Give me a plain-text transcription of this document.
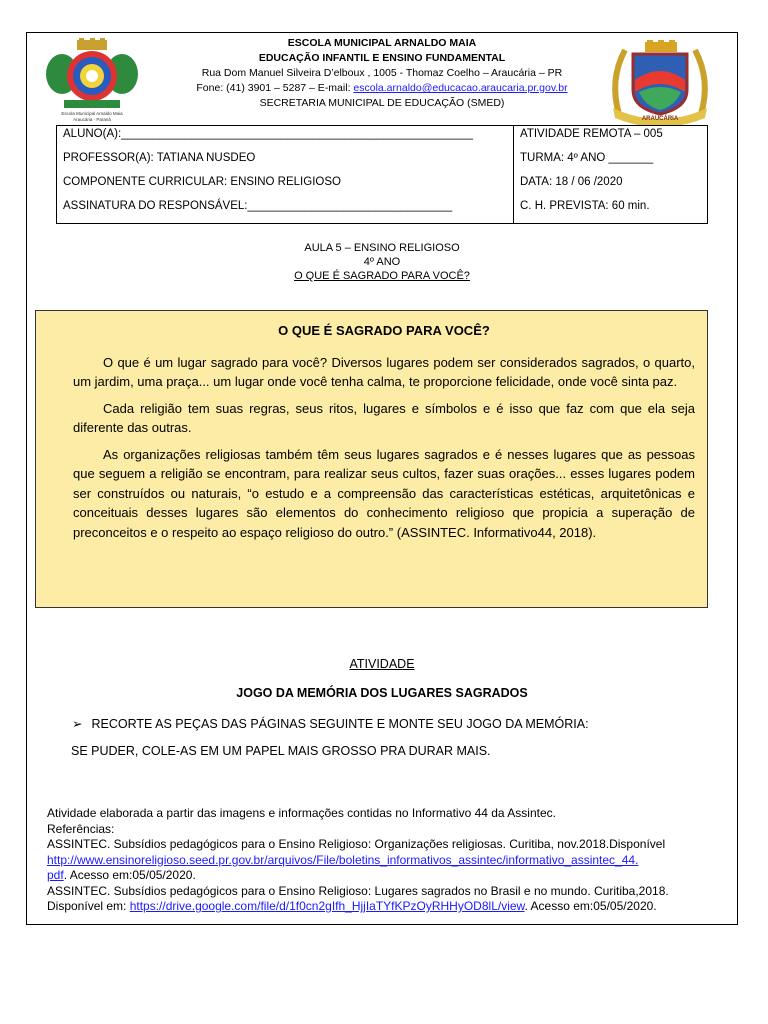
Escola Municipal Arnaldo Maia
Araucária - Paraná	ARAUCÁRIA
ESCOLA MUNICIPAL ARNALDO MAIA
EDUCAÇÃO INFANTIL E ENSINO FUNDAMENTAL
Rua Dom Manuel Silveira D’elboux , 1005 - Thomaz Coelho – Araucária – PR
Fone: (41) 3901 – 5287 – E-mail: escola.arnaldo@educacao.araucaria.pr.gov.br
SECRETARIA MUNICIPAL DE EDUCAÇÃO (SMED)
ALUNO(A):_______________________________________________________
PROFESSOR(A): TATIANA NUSDEO
COMPONENTE CURRICULAR: ENSINO RELIGIOSO
ASSINATURA DO RESPONSÁVEL:________________________________
ATIVIDADE REMOTA – 005
TURMA: 4º ANO _______
DATA: 18 / 06 /2020
C. H. PREVISTA: 60 min.
AULA 5 – ENSINO RELIGIOSO
4º ANO
O QUE É SAGRADO PARA VOCÊ?
O QUE É SAGRADO PARA VOCÊ?

O que é um lugar sagrado para você? Diversos lugares podem ser considerados sagrados, o quarto, um jardim, uma praça... um lugar onde você tenha calma, te proporcione felicidade, onde você sinta paz.

Cada religião tem suas regras, seus ritos, lugares e símbolos e é isso que faz com que ela seja diferente das outras.

As organizações religiosas também têm seus lugares sagrados e é nesses lugares que as pessoas que seguem a religião se encontram, para realizar seus cultos, fazer suas orações... esses lugares podem ser construídos ou naturais, “o estudo e a compreensão das características estéticas, arquitetônicas e conceituais desses lugares são elementos do conhecimento religioso que propicia a superação de preconceitos e o respeito ao espaço religioso do outro.” (ASSINTEC. Informativo44, 2018).

ATIVIDADE
JOGO DA MEMÓRIA DOS LUGARES SAGRADOS
➢ RECORTE AS PEÇAS DAS PÁGINAS SEGUINTE E MONTE SEU JOGO DA MEMÓRIA:
SE PUDER, COLE-AS EM UM PAPEL MAIS GROSSO PRA DURAR MAIS.
Atividade elaborada a partir das imagens e informações contidas no Informativo 44 da Assintec.
Referências:
ASSINTEC. Subsídios pedagógicos para o Ensino Religioso: Organizações religiosas. Curitiba, nov.2018.Disponível
http://www.ensinoreligioso.seed.pr.gov.br/arquivos/File/boletins_informativos_assintec/informativo_assintec_44.
pdf. Acesso em:05/05/2020.
ASSINTEC. Subsídios pedagógicos para o Ensino Religioso: Lugares sagrados no Brasil e no mundo. Curitiba,2018.
Disponível em: https://drive.google.com/file/d/1f0cn2gIfh_HjjIaTYfKPzOyRHHyOD8lL/view. Acesso em:05/05/2020.
